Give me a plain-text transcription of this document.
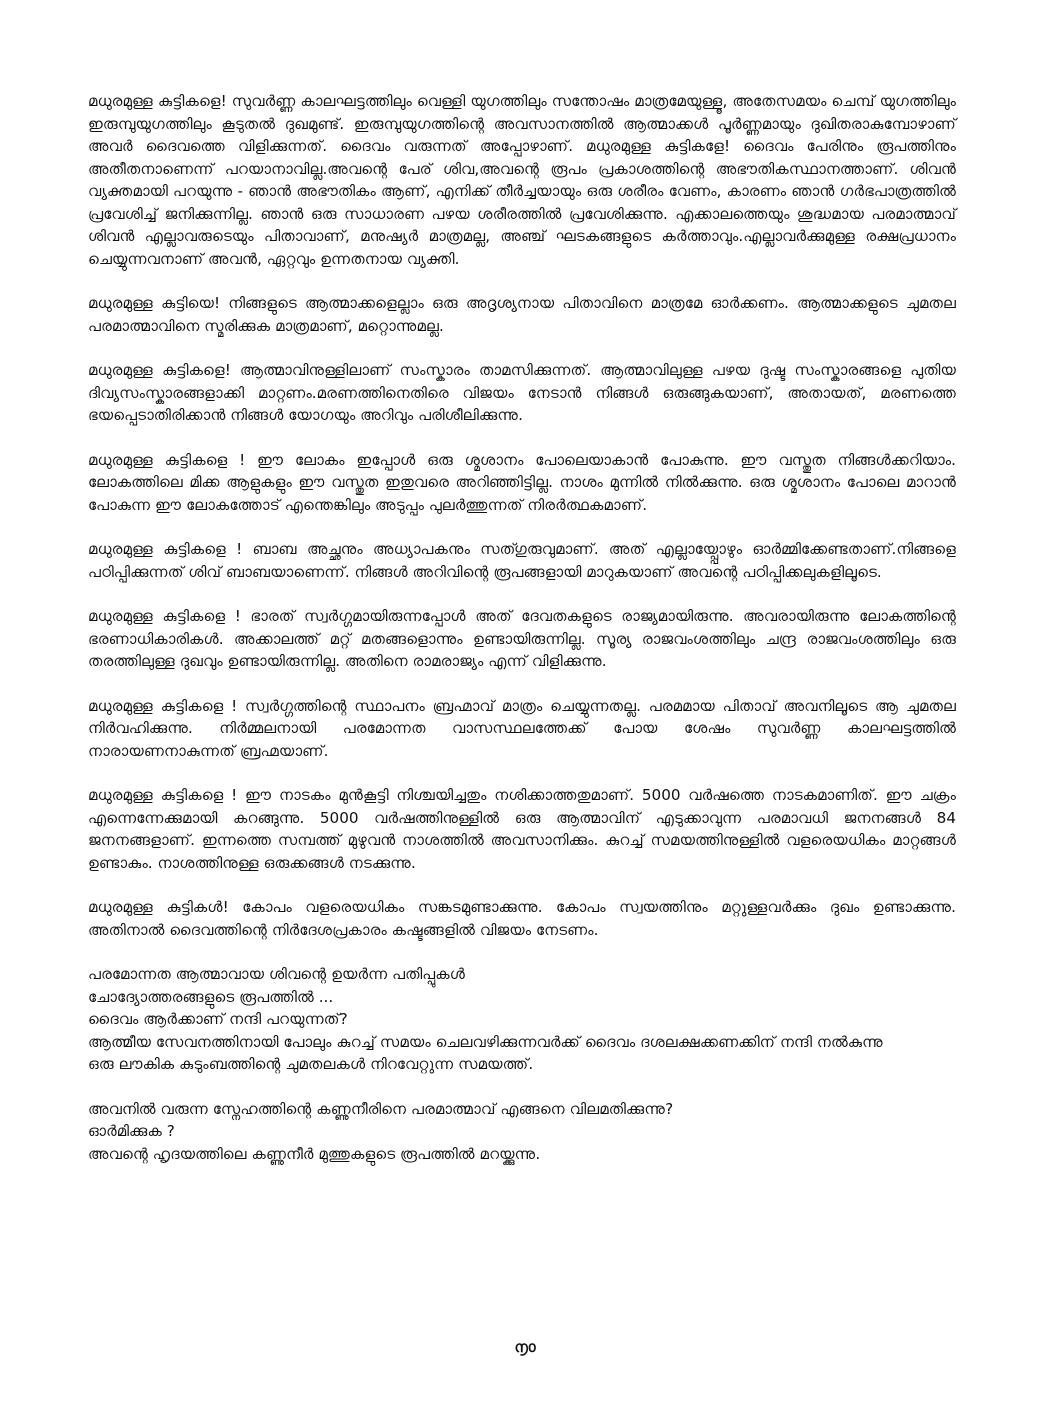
മധുരമുള്ള കുട്ടികളെ! സുവർണ്ണ കാലഘട്ടത്തിലും വെള്ളി യുഗത്തിലും സന്തോഷം മാത്രമേയുള്ളൂ, അതേസമയം ചെമ്പ് യുഗത്തിലും ഇരുമ്പുയുഗത്തിലും കൂടുതൽ ദുഖമുണ്ട്. ഇരുമ്പുയുഗത്തിന്റെ അവസാനത്തിൽ ആത്മാക്കൾ പൂർണ്ണമായും ദുഖിതരാകുമ്പോഴാണ് അവർ ദൈവത്തെ വിളിക്കുന്നത്. ദൈവം വരുന്നത് അപ്പോഴാണ്. മധുരമുള്ള കുട്ടികളേ! ദൈവം പേരിനും രൂപത്തിനും അതീതനാണെന്ന് പറയാനാവില്ല.അവന്റെ പേര് ശിവ,അവന്റെ രൂപം പ്രകാശത്തിന്റെ അഭൗതികസ്ഥാനത്താണ്. ശിവൻ വ്യക്തമായി പറയുന്നു - ഞാൻ അഭൗതികം ആണ്, എനിക്ക് തീർച്ചയായും ഒരു ശരീരം വേണം, കാരണം ഞാൻ ഗർഭപാത്രത്തിൽ പ്രവേശിച്ച് ജനിക്കുന്നില്ല. ഞാൻ ഒരു സാധാരണ പഴയ ശരീരത്തിൽ പ്രവേശിക്കുന്നു. എക്കാലത്തെയും ശുദ്ധമായ പരമാത്മാവ് ശിവൻ എല്ലാവരുടെയും പിതാവാണ്, മനുഷ്യർ മാത്രമല്ല, അഞ്ച് ഘടകങ്ങളുടെ കർത്താവും.എല്ലാവർക്കുമുള്ള രക്ഷപ്രധാനം ചെയ്യുന്നവനാണ് അവൻ, ഏറ്റവും ഉന്നതനായ വ്യക്തി.

മധുരമുള്ള കുട്ടിയെ! നിങ്ങളുടെ ആത്മാക്കളെല്ലാം ഒരു അദൃശ്യനായ പിതാവിനെ മാത്രമേ ഓർക്കണം. ആത്മാക്കളുടെ ചുമതല പരമാത്മാവിനെ സ്മരിക്കുക മാത്രമാണ്, മറ്റൊന്നുമല്ല.

മധുരമുള്ള കുട്ടികളെ! ആത്മാവിനുള്ളിലാണ് സംസ്കാരം താമസിക്കുന്നത്. ആത്മാവിലുള്ള പഴയ ദുഷ്ട സംസ്കാരങ്ങളെ പുതിയ ദിവ്യസംസ്കാരങ്ങളാക്കി മാറ്റണം.മരണത്തിനെതിരെ വിജയം നേടാൻ നിങ്ങൾ ഒരുങ്ങുകയാണ്, അതായത്, മരണത്തെ ഭയപ്പെടാതിരിക്കാൻ നിങ്ങൾ യോഗയും അറിവും പരിശീലിക്കുന്നു.

മധുരമുള്ള കുട്ടികളെ ! ഈ ലോകം ഇപ്പോൾ ഒരു ശ്മശാനം പോലെയാകാൻ പോകുന്നു. ഈ വസ്തുത നിങ്ങൾക്കറിയാം. ലോകത്തിലെ മിക്ക ആളുകളും ഈ വസ്തുത ഇതുവരെ അറിഞ്ഞിട്ടില്ല. നാശം മുന്നിൽ നിൽക്കുന്നു. ഒരു ശ്മശാനം പോലെ മാറാൻ പോകുന്ന ഈ ലോകത്തോട് എന്തെങ്കിലും അടുപ്പം പുലർത്തുന്നത് നിരർത്ഥകമാണ്.

മധുരമുള്ള കുട്ടികളെ ! ബാബ അച്ഛനും അധ്യാപകനും സത്ഗുരുവുമാണ്. അത് എല്ലായ്പ്പോഴും ഓർമ്മിക്കേണ്ടതാണ്.നിങ്ങളെ പഠിപ്പിക്കുന്നത് ശിവ് ബാബയാണെന്ന്. നിങ്ങൾ അറിവിന്റെ രൂപങ്ങളായി മാറുകയാണ് അവന്റെ പഠിപ്പിക്കലുകളിലൂടെ.

മധുരമുള്ള കുട്ടികളെ ! ഭാരത് സ്വർഗ്ഗമായിരുന്നപ്പോൾ അത് ദേവതകളുടെ രാജ്യമായിരുന്നു. അവരായിരുന്നു ലോകത്തിന്റെ ഭരണാധികാരികൾ. അക്കാലത്ത് മറ്റ് മതങ്ങളൊന്നും ഉണ്ടായിരുന്നില്ല. സൂര്യ രാജവംശത്തിലും ചന്ദ്ര രാജവംശത്തിലും ഒരു തരത്തിലുള്ള ദുഖവും ഉണ്ടായിരുന്നില്ല. അതിനെ രാമരാജ്യം എന്ന് വിളിക്കുന്നു.

മധുരമുള്ള കുട്ടികളെ ! സ്വർഗ്ഗത്തിന്റെ സ്ഥാപനം ബ്രഹ്മാവ് മാത്രം ചെയ്യുന്നതല്ല. പരമമായ പിതാവ് അവനിലൂടെ ആ ചുമതല നിർവഹിക്കുന്നു. നിർമ്മലനായി പരമോന്നത വാസസ്ഥലത്തേക്ക് പോയ ശേഷം സുവർണ്ണ കാലഘട്ടത്തിൽ നാരായണനാകുന്നത് ബ്രഹ്മയാണ്.

മധുരമുള്ള കുട്ടികളെ ! ഈ നാടകം മുൻകൂട്ടി നിശ്ചയിച്ചതും നശിക്കാത്തതുമാണ്. 5000 വർഷത്തെ നാടകമാണിത്. ഈ ചക്രം എന്നെന്നേക്കുമായി കറങ്ങുന്നു. 5000 വർഷത്തിനുള്ളിൽ ഒരു ആത്മാവിന് എടുക്കാവുന്ന പരമാവധി ജനനങ്ങൾ 84 ജനനങ്ങളാണ്. ഇന്നത്തെ സമ്പത്ത് മുഴുവൻ നാശത്തിൽ അവസാനിക്കും. കുറച്ച് സമയത്തിനുള്ളിൽ വളരെയധികം മാറ്റങ്ങൾ ഉണ്ടാകും. നാശത്തിനുള്ള ഒരുക്കങ്ങൾ നടക്കുന്നു.

മധുരമുള്ള കുട്ടികൾ! കോപം വളരെയധികം സങ്കടമുണ്ടാക്കുന്നു. കോപം സ്വയത്തിനും മറ്റുള്ളവർക്കും ദുഖം ഉണ്ടാക്കുന്നു. അതിനാൽ ദൈവത്തിന്റെ നിർദേശപ്രകാരം കഷ്ടങ്ങളിൽ വിജയം നേടണം.

പരമോന്നത ആത്മാവായ ശിവന്റെ ഉയർന്ന പതിപ്പുകൾ
ചോദ്യോത്തരങ്ങളുടെ രൂപത്തിൽ ...
ദൈവം ആർക്കാണ് നന്ദി പറയുന്നത്?
ആത്മീയ സേവനത്തിനായി പോലും കുറച്ച് സമയം ചെലവഴിക്കുന്നവർക്ക് ദൈവം ദശലക്ഷക്കണക്കിന് നന്ദി നൽകുന്നു
ഒരു ലൗകിക കുടുംബത്തിന്റെ ചുമതലകൾ നിറവേറ്റുന്ന സമയത്ത്.
അവനിൽ വരുന്ന സ്നേഹത്തിന്റെ കണ്ണുനീരിനെ പരമാത്മാവ് എങ്ങനെ വിലമതിക്കുന്നു?
ഓർമിക്കുക ?
അവന്റെ ഹൃദയത്തിലെ കണ്ണുനീർ മുത്തുകളുടെ രൂപത്തിൽ മറയ്ക്കുന്നു.
൱൦
